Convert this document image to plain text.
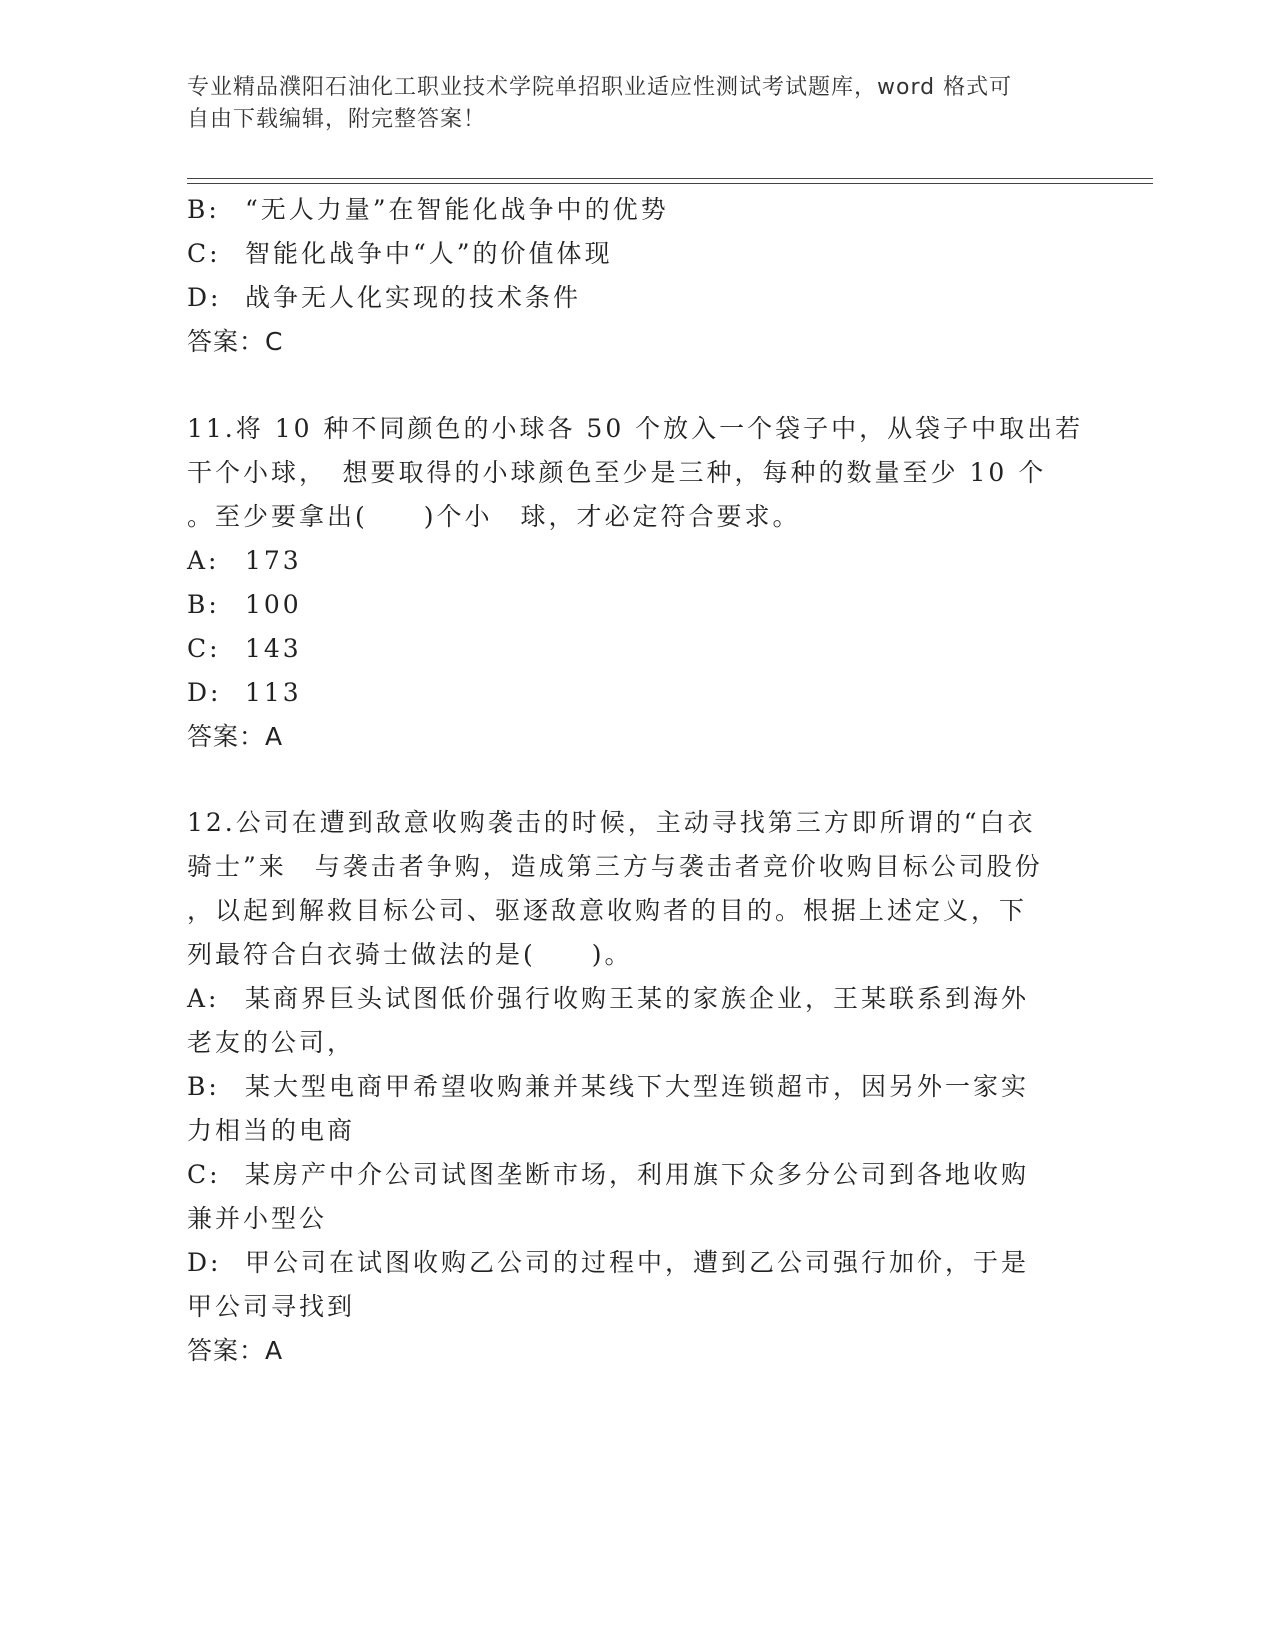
专业精品濮阳石油化工职业技术学院单招职业适应性测试考试题库，word 格式可
自由下载编辑，附完整答案！
B: “无人力量”在智能化战争中的优势
C: 智能化战争中“人”的价值体现
D: 战争无人化实现的技术条件
答案：C
11.将 10 种不同颜色的小球各 50 个放入一个袋子中，从袋子中取出若
干个小球，　想要取得的小球颜色至少是三种，每种的数量至少 10 个
。至少要拿出(　　)个小　球，才必定符合要求。
A: 173
B: 100
C: 143
D: 113
答案：A
12.公司在遭到敌意收购袭击的时候，主动寻找第三方即所谓的“白衣
骑士”来　与袭击者争购，造成第三方与袭击者竞价收购目标公司股份
，以起到解救目标公司、驱逐敌意收购者的目的。根据上述定义，下
列最符合白衣骑士做法的是(　　)。
A: 某商界巨头试图低价强行收购王某的家族企业，王某联系到海外
老友的公司，
B: 某大型电商甲希望收购兼并某线下大型连锁超市，因另外一家实
力相当的电商
C: 某房产中介公司试图垄断市场，利用旗下众多分公司到各地收购
兼并小型公
D: 甲公司在试图收购乙公司的过程中，遭到乙公司强行加价，于是
甲公司寻找到
答案：A
